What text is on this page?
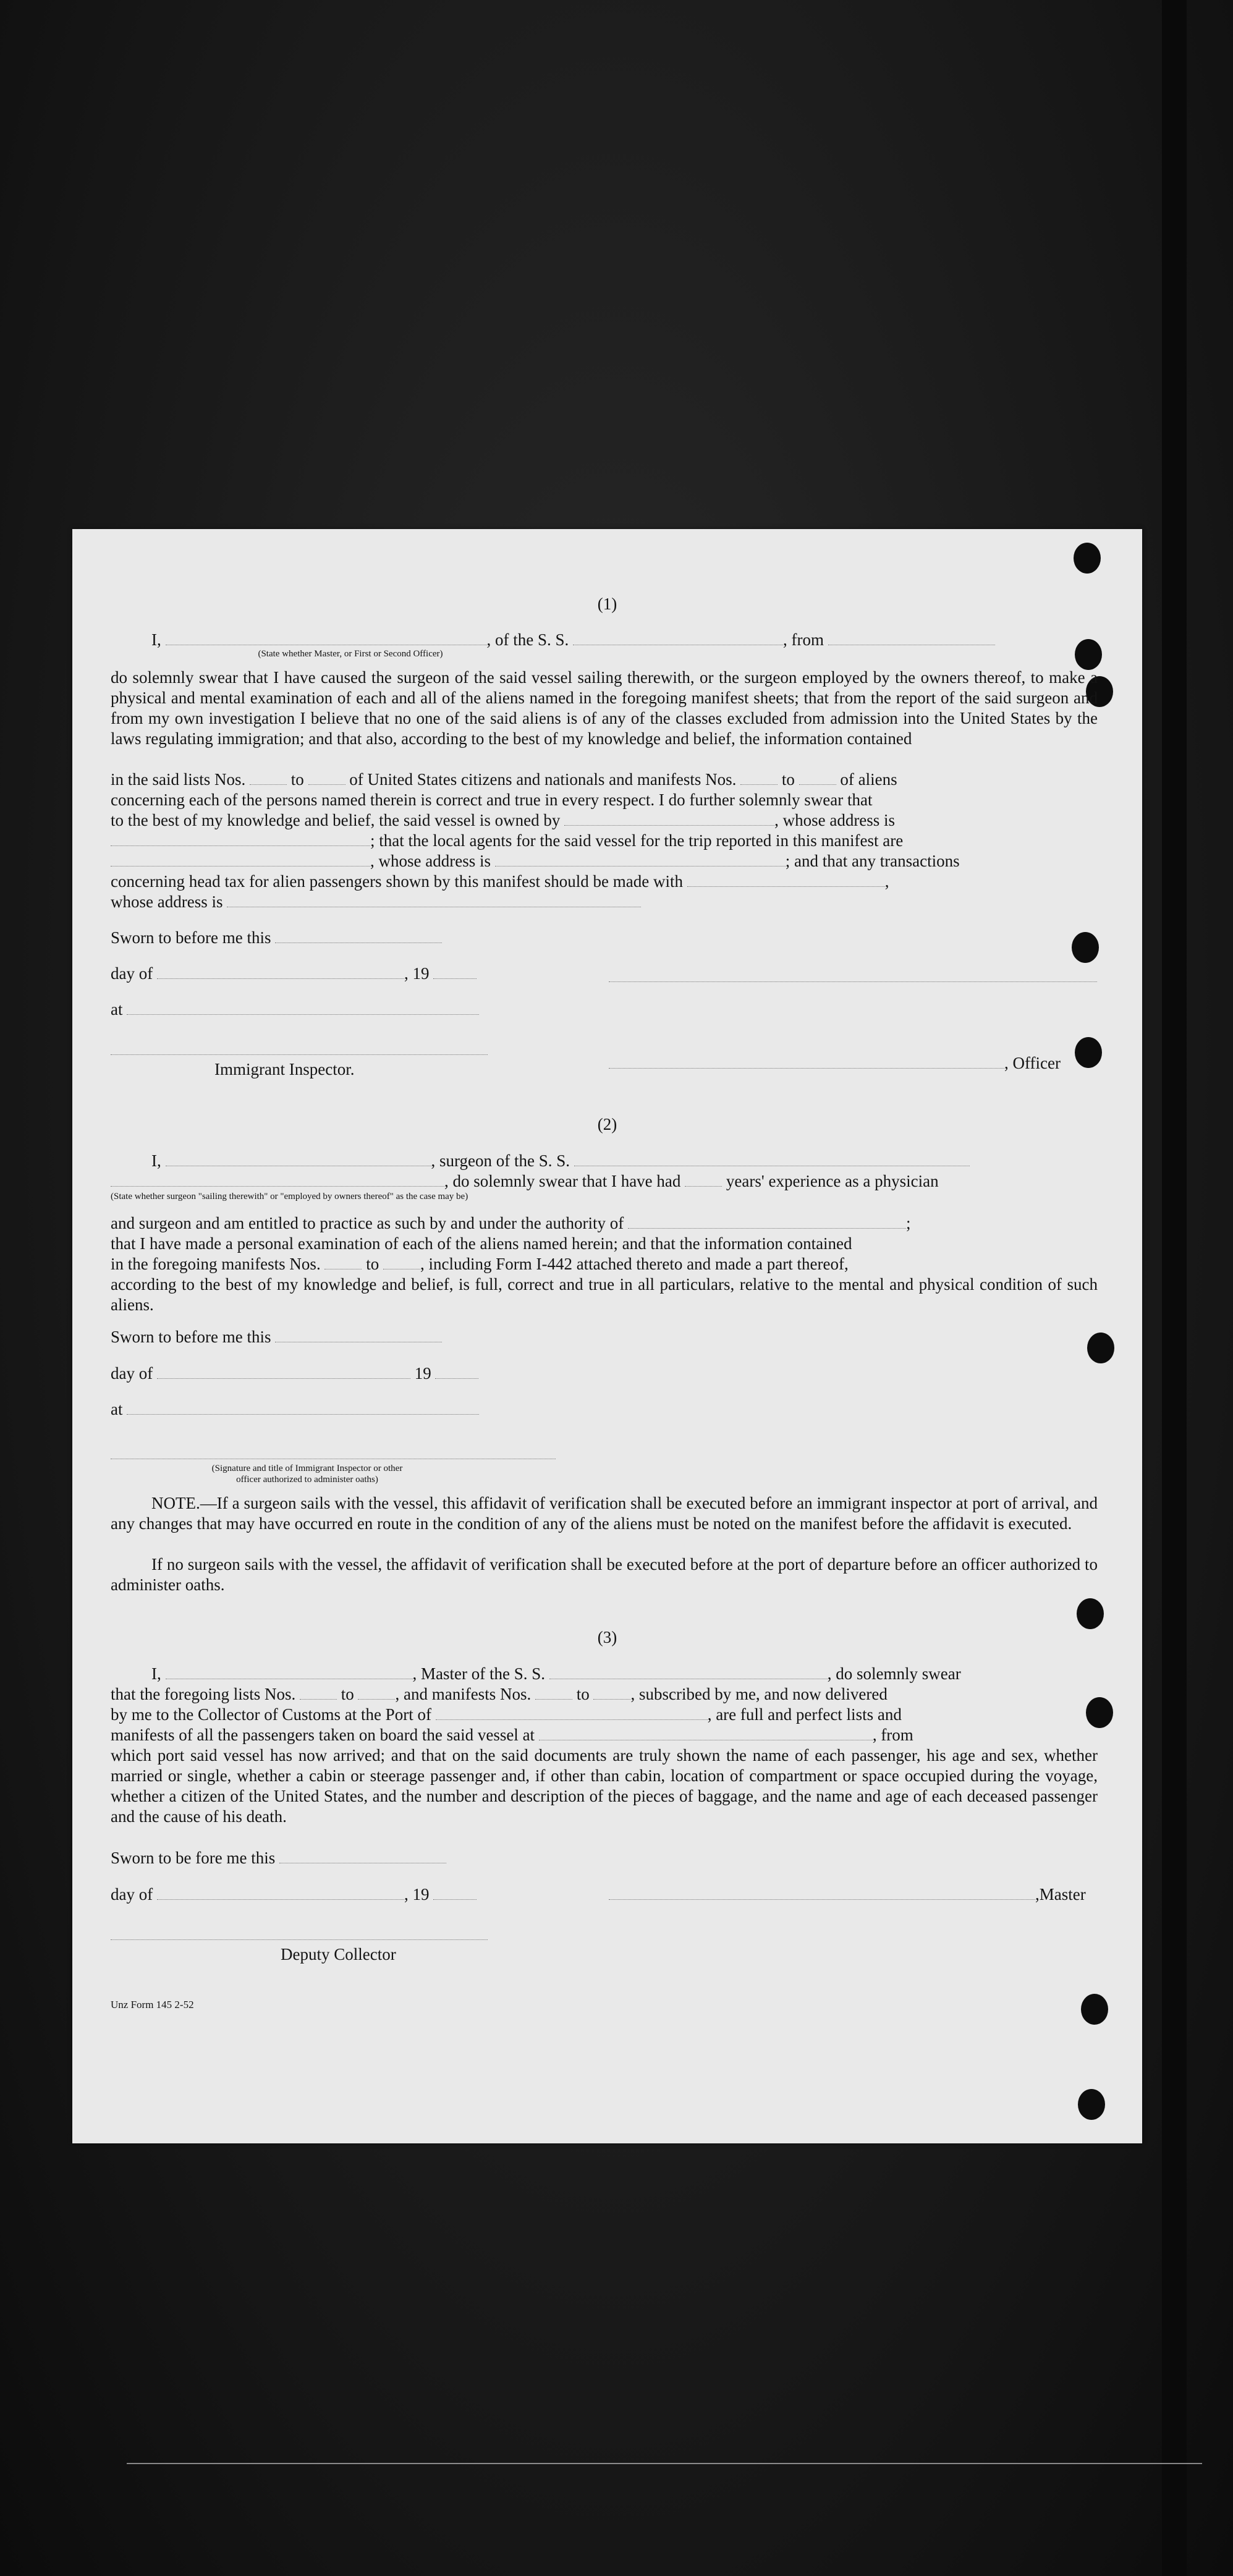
(1)
I,	, of the S. S.	, from
(State whether Master, or First or Second Officer)
do solemnly swear that I have caused the surgeon of the said vessel sailing therewith, or the surgeon employed by the owners thereof, to make a physical and mental examination of each and all of the aliens named in the foregoing manifest sheets; that from the report of the said surgeon and from my own investigation I believe that no one of the said aliens is of any of the classes excluded from admission into the United States by the laws regulating immigration; and that also, according to the best of my knowledge and belief, the information contained
in the said lists Nos.	to	of United States citizens and nationals and manifests Nos.	to	of aliens
concerning each of the persons named therein is correct and true in every respect. I do further solemnly swear that
to the best of my knowledge and belief, the said vessel is owned by	, whose address is
; that the local agents for the said vessel for the trip reported in this manifest are
, whose address is	; and that any transactions
concerning head tax for alien passengers shown by this manifest should be made with	,
whose address is
Sworn to before me this
day of	, 19
at
Immigrant Inspector.	, Officer
(2)
I,	, surgeon of the S. S.
, do solemnly swear that I have had	years' experience as a physician
(State whether surgeon "sailing therewith" or "employed by owners thereof" as the case may be)
and surgeon and am entitled to practice as such by and under the authority of	;
that I have made a personal examination of each of the aliens named herein; and that the information contained
in the foregoing manifests Nos.	to , including Form I-442 attached thereto and made a part thereof,
according to the best of my knowledge and belief, is full, correct and true in all particulars, relative to the mental and physical condition of such aliens.
Sworn to before me this
day of	19
at
(Signature and title of Immigrant Inspector or other
officer authorized to administer oaths)
NOTE.—If a surgeon sails with the vessel, this affidavit of verification shall be executed before an immigrant inspector at port of arrival, and any changes that may have occurred en route in the condition of any of the aliens must be noted on the manifest before the affidavit is executed.
If no surgeon sails with the vessel, the affidavit of verification shall be executed before at the port of departure before an officer authorized to administer oaths.
(3)
I,	, Master of the S. S.	, do solemnly swear
that the foregoing lists Nos.	to , and manifests Nos.	to , subscribed by me, and now delivered
by me to the Collector of Customs at the Port of	, are full and perfect lists and
manifests of all the passengers taken on board the said vessel at	, from
which port said vessel has now arrived; and that on the said documents are truly shown the name of each passenger, his age and sex, whether married or single, whether a cabin or steerage passenger and, if other than cabin, location of compartment or space occupied during the voyage, whether a citizen of the United States, and the number and description of the pieces of baggage, and the name and age of each deceased passenger and the cause of his death.
Sworn to be fore me this
day of	, 19	,Master
Deputy Collector
Unz Form 145 2-52
